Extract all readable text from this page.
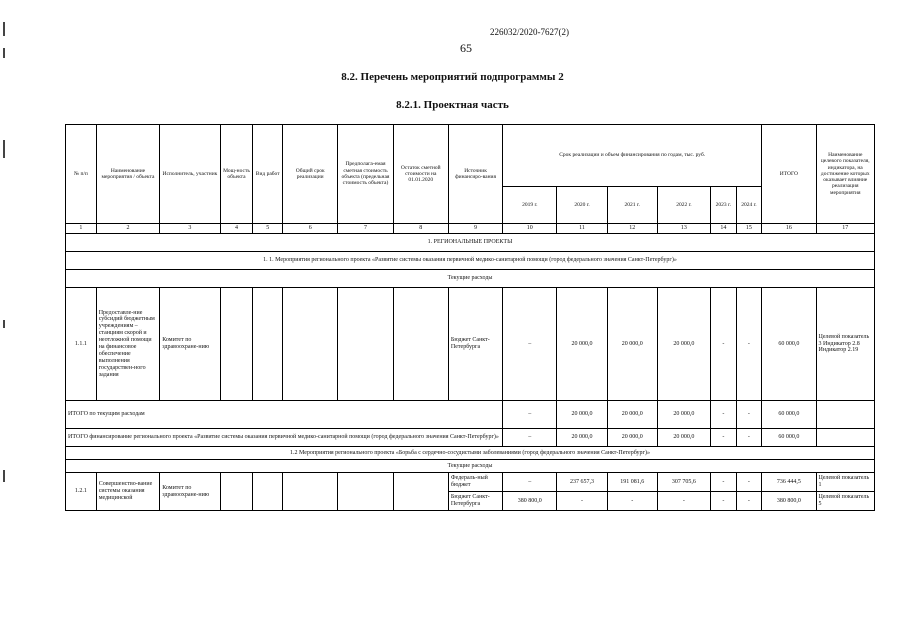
226032/2020-7627(2)
65
8.2. Перечень мероприятий подпрограммы 2
8.2.1. Проектная часть
№ п/п	Наименование мероприятия / объекта	Исполнитель, участник	Мощ-ность объекта	Вид работ	Общий срок реализации	Предполага-емая сметная стоимость объекта (предельная стоимость объекта)	Остаток сметной стоимости на 01.01.2020	Источник финансиро-вания	Срок реализации и объем финансирования по годам, тыс. руб.						ИТОГО	Наименование целевого показателя, индикатора, на достижение которых оказывает влияние реализация мероприятия
									2019 г.	2020 г.	2021 г.	2022 г.	2023 г.	2024 г.		
1	2	3	4	5	6	7	8	9	10	11	12	13	14	15	16	17
1. РЕГИОНАЛЬНЫЕ ПРОЕКТЫ																
1. 1. Мероприятия регионального проекта «Развитие системы оказания первичной медико-санитарной помощи (город федерального значения Санкт-Петербург)»																
Текущие расходы																
1.1.1	Предоставле-ние субсидий бюджетным учреждениям – станциям скорой и неотложной помощи на финансовое обеспечение выполнения государствен-ного задания	Комитет по здравоохране-нию						Бюджет Санкт-Петербурга	–	20 000,0	20 000,0	20 000,0	-	-	60 000,0	Целевой показатель 3 Индикатор 2.8 Индикатор 2.19
ИТОГО по текущим расходам									–	20 000,0	20 000,0	20 000,0	-	-	60 000,0	
ИТОГО финансирование регионального проекта «Развитие системы оказания первичной медико-санитарной помощи (город федерального значения Санкт-Петербург)»									–	20 000,0	20 000,0	20 000,0	-	-	60 000,0	
1.2 Мероприятия регионального проекта «Борьба с сердечно-сосудистыми заболеваниями (город федерального значения Санкт-Петербург)»																
Текущие расходы																
1.2.1	Совершенство-вание системы оказания медицинской	Комитет по здравоохране-нию						Федераль-ный бюджет	–	237 657,3	191 081,6	307 705,6	-	-	736 444,5	Целевой показатель 1
								Бюджет Санкт-Петербурга	380 800,0	-	-	-	-	-	380 800,0	Целевой показатель 5
